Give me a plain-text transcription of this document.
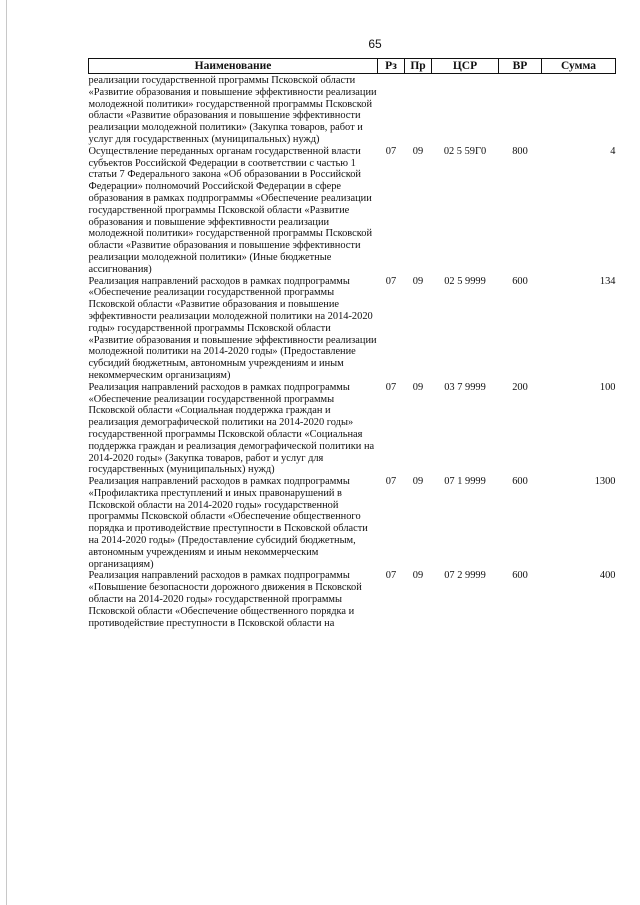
65
Наименование	Рз	Пр	ЦСР	ВР	Сумма
реализации государственной программы Псковской области «Развитие образования и повышение эффективности реализации молодежной политики» государственной программы Псковской области «Развитие образования и повышение эффективности реализации молодежной политики» (Закупка товаров, работ и услуг для государственных (муниципальных) нужд)					
Осуществление переданных органам государственной власти субъектов Российской Федерации в соответствии с частью 1 статьи 7 Федерального закона «Об образовании в Российской Федерации» полномочий Российской Федерации в сфере образования в рамках подпрограммы «Обеспечение реализации государственной программы Псковской области «Развитие образования и повышение эффективности реализации молодежной политики» государственной программы Псковской области «Развитие образования и повышение эффективности реализации молодежной политики» (Иные бюджетные ассигнования)	07	09	02 5 59Г0	800	4
Реализация направлений расходов в рамках подпрограммы «Обеспечение реализации государственной программы Псковской области «Развитие образования и повышение эффективности реализации молодежной политики на 2014-2020 годы» государственной программы Псковской области «Развитие образования и повышение эффективности реализации молодежной политики на 2014-2020 годы» (Предоставление субсидий бюджетным, автономным учреждениям и иным некоммерческим организациям)	07	09	02 5 9999	600	134
Реализация направлений расходов в рамках подпрограммы «Обеспечение реализации государственной программы Псковской области «Социальная поддержка граждан и реализация демографической политики на 2014-2020 годы» государственной программы Псковской области «Социальная поддержка граждан и реализация демографической политики на 2014-2020 годы» (Закупка товаров, работ и услуг для государственных (муниципальных) нужд)	07	09	03 7 9999	200	100
Реализация направлений расходов в рамках подпрограммы «Профилактика преступлений и иных правонарушений в Псковской области на 2014-2020 годы» государственной программы Псковской области «Обеспечение общественного порядка и противодействие преступности в Псковской области на 2014-2020 годы» (Предоставление субсидий бюджетным, автономным учреждениям и иным некоммерческим организациям)	07	09	07 1 9999	600	1300
Реализация направлений расходов в рамках подпрограммы «Повышение безопасности дорожного движения в Псковской области на 2014-2020 годы» государственной программы Псковской области «Обеспечение общественного порядка и противодействие преступности в Псковской области на	07	09	07 2 9999	600	400
